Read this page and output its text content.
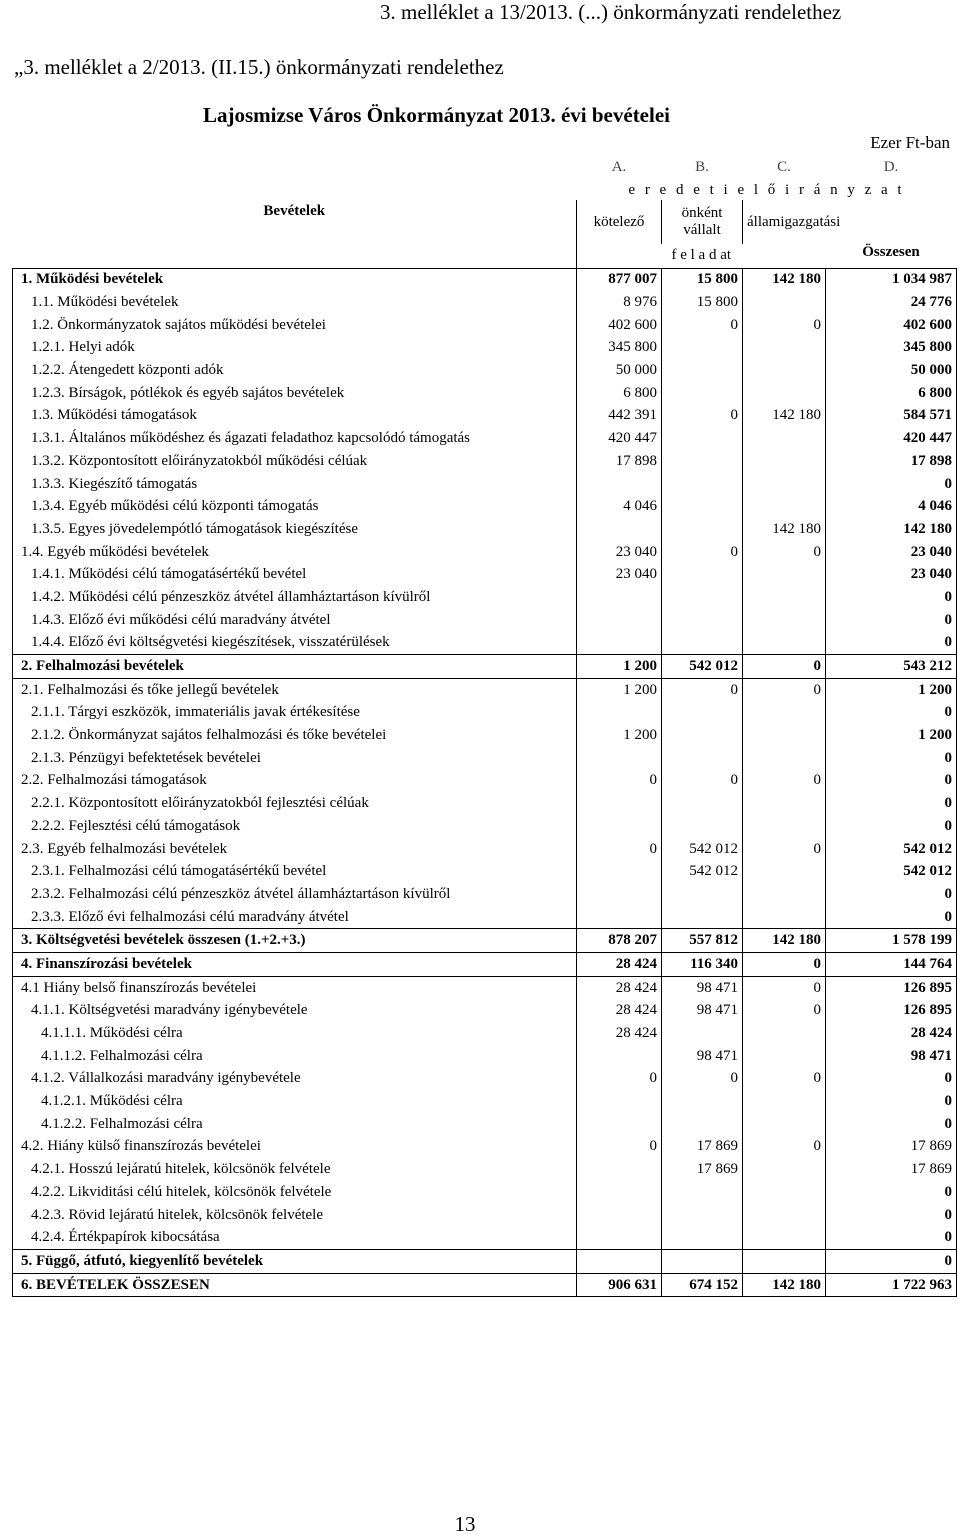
3. melléklet a 13/2013. (...) önkormányzati rendelethez
„3. melléklet a 2/2013. (II.15.) önkormányzati rendelethez
Lajosmizse Város Önkormányzat 2013. évi bevételei
Ezer Ft-ban
Bevételek	A.	B.	C.	D.
	e r e d e t i e l ő i r á n y z a t			
	kötelező	önként vállalt	államigazgatási	Összesen
	f e l a d at			
1. Működési bevételek	877 007	15 800	142 180	1 034 987
1.1. Működési bevételek	8 976	15 800		24 776
1.2. Önkormányzatok sajátos működési bevételei	402 600	0	0	402 600
1.2.1. Helyi adók	345 800			345 800
1.2.2. Átengedett központi adók	50 000			50 000
1.2.3. Bírságok, pótlékok és egyéb sajátos bevételek	6 800			6 800
1.3. Működési támogatások	442 391	0	142 180	584 571
1.3.1. Általános működéshez és ágazati feladathoz kapcsolódó támogatás	420 447			420 447
1.3.2. Központosított előirányzatokból működési célúak	17 898			17 898
1.3.3. Kiegészítő támogatás				0
1.3.4. Egyéb működési célú központi támogatás	4 046			4 046
1.3.5. Egyes jövedelempótló támogatások kiegészítése			142 180	142 180
1.4. Egyéb működési bevételek	23 040	0	0	23 040
1.4.1. Működési célú támogatásértékű bevétel	23 040			23 040
1.4.2. Működési célú pénzeszköz átvétel államháztartáson kívülről				0
1.4.3. Előző évi működési célú maradvány átvétel				0
1.4.4. Előző évi költségvetési kiegészítések, visszatérülések				0
2. Felhalmozási bevételek	1 200	542 012	0	543 212
2.1. Felhalmozási és tőke jellegű bevételek	1 200	0	0	1 200
2.1.1. Tárgyi eszközök, immateriális javak értékesítése				0
2.1.2. Önkormányzat sajátos felhalmozási és tőke bevételei	1 200			1 200
2.1.3. Pénzügyi befektetések bevételei				0
2.2. Felhalmozási támogatások	0	0	0	0
2.2.1. Központosított előirányzatokból fejlesztési célúak				0
2.2.2. Fejlesztési célú támogatások				0
2.3. Egyéb felhalmozási bevételek	0	542 012	0	542 012
2.3.1. Felhalmozási célú támogatásértékű bevétel		542 012		542 012
2.3.2. Felhalmozási célú pénzeszköz átvétel államháztartáson kívülről				0
2.3.3. Előző évi felhalmozási célú maradvány átvétel				0
3. Költségvetési bevételek összesen (1.+2.+3.)	878 207	557 812	142 180	1 578 199
4. Finanszírozási bevételek	28 424	116 340	0	144 764
4.1 Hiány belső finanszírozás bevételei	28 424	98 471	0	126 895
4.1.1. Költségvetési maradvány igénybevétele	28 424	98 471	0	126 895
4.1.1.1. Működési célra	28 424			28 424
4.1.1.2. Felhalmozási célra		98 471		98 471
4.1.2. Vállalkozási maradvány igénybevétele	0	0	0	0
4.1.2.1. Működési célra				0
4.1.2.2. Felhalmozási célra				0
4.2. Hiány külső finanszírozás bevételei	0	17 869	0	17 869
4.2.1. Hosszú lejáratú hitelek, kölcsönök felvétele		17 869		17 869
4.2.2. Likviditási célú hitelek, kölcsönök felvétele				0
4.2.3. Rövid lejáratú hitelek, kölcsönök felvétele				0
4.2.4. Értékpapírok kibocsátása				0
5. Függő, átfutó, kiegyenlítő bevételek				0
6. BEVÉTELEK ÖSSZESEN	906 631	674 152	142 180	1 722 963
13
